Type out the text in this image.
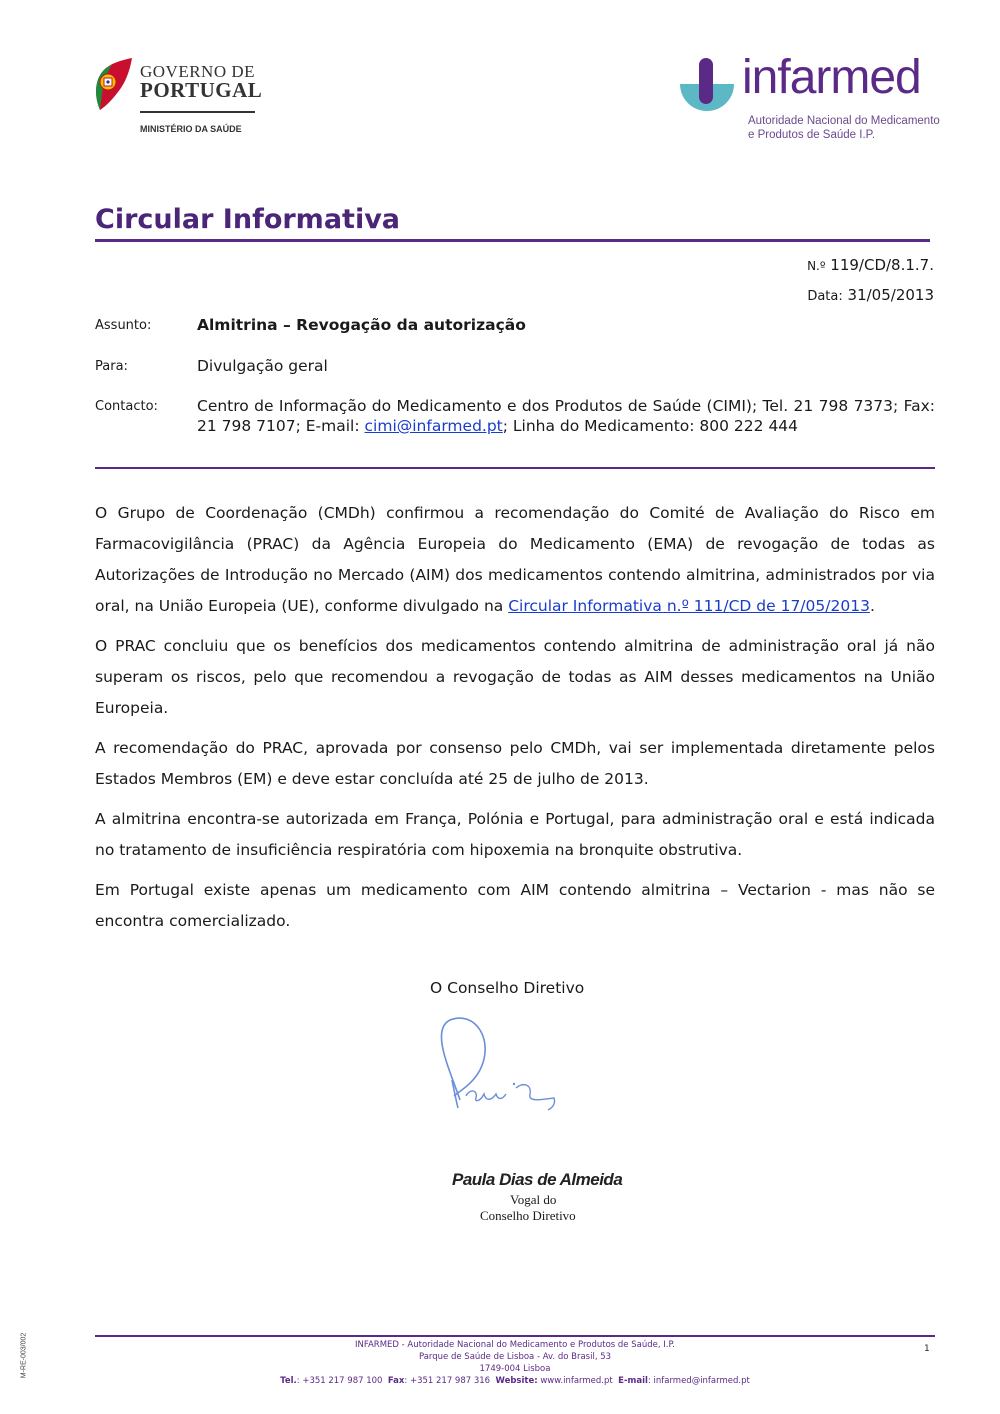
GOVERNO DE
PORTUGAL
MINISTÉRIO DA SAÚDE
infarmed
Autoridade Nacional do Medicamento
e Produtos de Saúde I.P.
Circular Informativa
N.º 119/CD/8.1.7.
Data: 31/05/2013
Assunto:	Almitrina – Revogação da autorização
Para:	Divulgação geral
Contacto:	Centro de Informação do Medicamento e dos Produtos de Saúde (CIMI); Tel. 21 798 7373; Fax: 21 798 7107; E-mail: cimi@infarmed.pt; Linha do Medicamento: 800 222 444

O Grupo de Coordenação (CMDh) confirmou a recomendação do Comité de Avaliação do Risco em Farmacovigilância (PRAC) da Agência Europeia do Medicamento (EMA) de revogação de todas as Autorizações de Introdução no Mercado (AIM) dos medicamentos contendo almitrina, administrados por via oral, na União Europeia (UE), conforme divulgado na Circular Informativa n.º 111/CD de 17/05/2013.

O PRAC concluiu que os benefícios dos medicamentos contendo almitrina de administração oral já não superam os riscos, pelo que recomendou a revogação de todas as AIM desses medicamentos na União Europeia.

A recomendação do PRAC, aprovada por consenso pelo CMDh, vai ser implementada diretamente pelos Estados Membros (EM) e deve estar concluída até 25 de julho de 2013.

A almitrina encontra-se autorizada em França, Polónia e Portugal, para administração oral e está indicada no tratamento de insuficiência respiratória com hipoxemia na bronquite obstrutiva.

Em Portugal existe apenas um medicamento com AIM contendo almitrina – Vectarion - mas não se encontra comercializado.

O Conselho Diretivo
Paula Dias de Almeida
Vogal do
Conselho Diretivo
INFARMED - Autoridade Nacional do Medicamento e Produtos de Saúde, I.P.
Parque de Saúde de Lisboa - Av. do Brasil, 53
1749-004 Lisboa
Tel.: +351 217 987 100 Fax: +351 217 987 316 Website: www.infarmed.pt E-mail: infarmed@infarmed.pt
1
M-RE-003/002
